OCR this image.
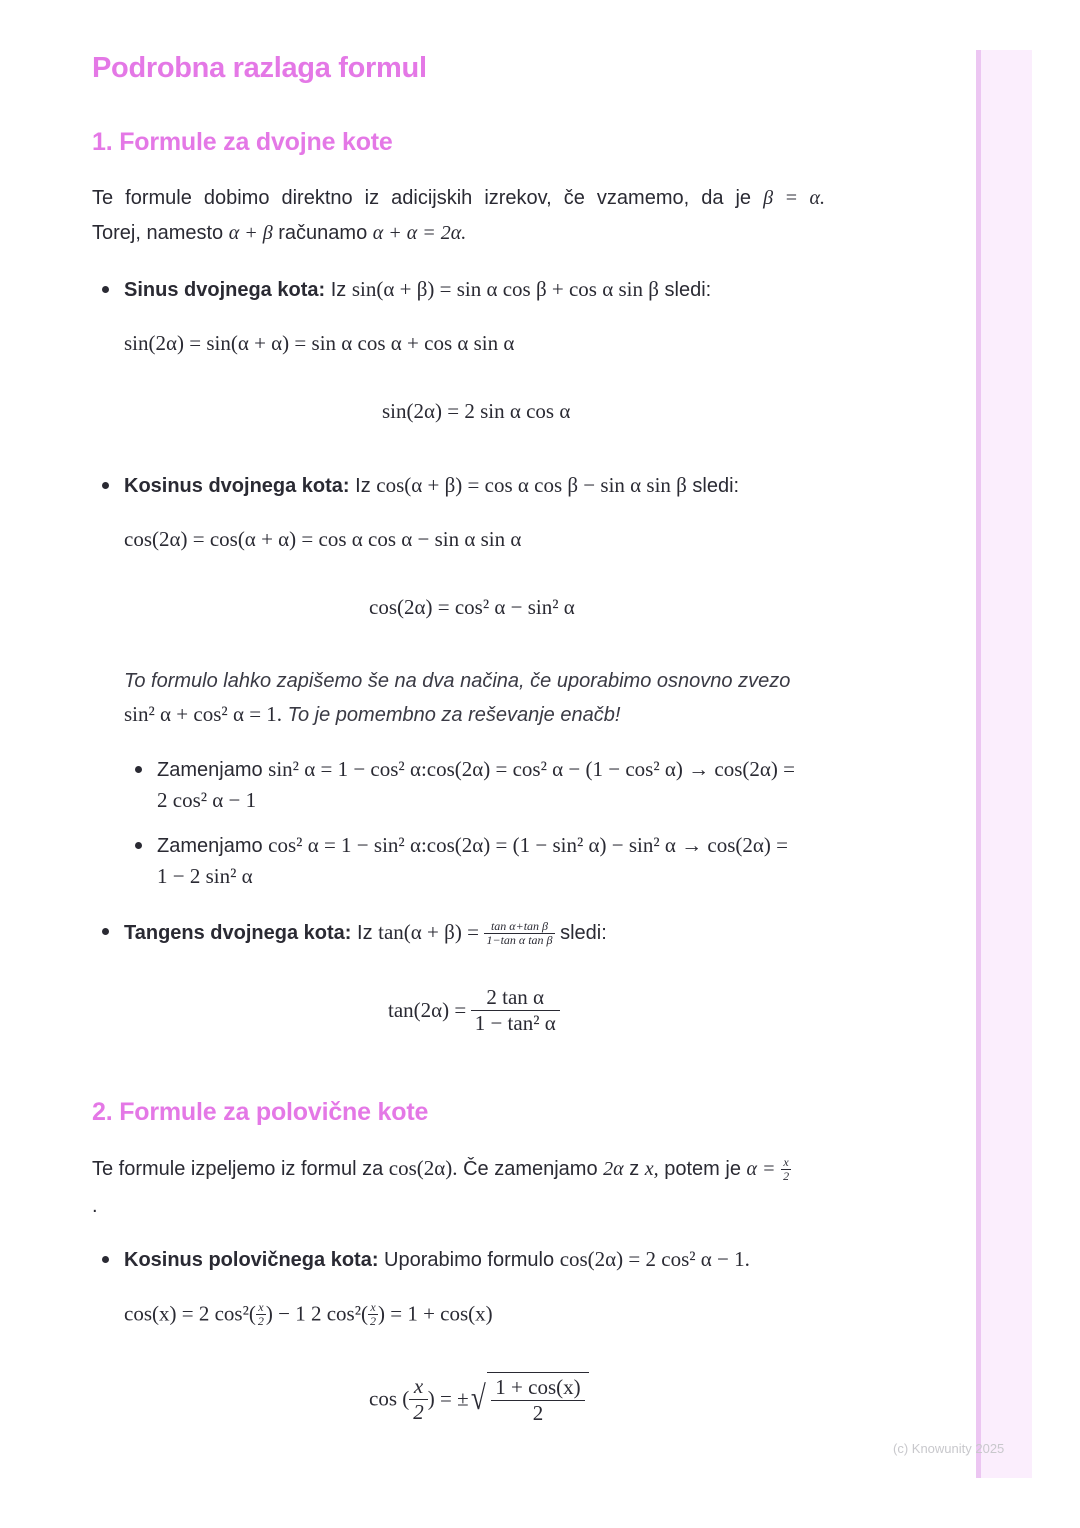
Podrobna razlaga formul
1. Formule za dvojne kote
Te formule dobimo direktno iz adicijskih izrekov, če vzamemo, da je β = α.
Torej, namesto α + β računamo α + α = 2α.
Sinus dvojnega kota: Iz sin(α + β) = sin α cos β + cos α sin β sledi:
sin(2α) = sin(α + α) = sin α cos α + cos α sin α
sin(2α) = 2 sin α cos α
Kosinus dvojnega kota: Iz cos(α + β) = cos α cos β − sin α sin β sledi:
cos(2α) = cos(α + α) = cos α cos α − sin α sin α
cos(2α) = cos² α − sin² α
To formulo lahko zapišemo še na dva načina, če uporabimo osnovno zvezo
sin² α + cos² α = 1. To je pomembno za reševanje enačb!
Zamenjamo sin² α = 1 − cos² α:cos(2α) = cos² α − (1 − cos² α) → cos(2α) =
2 cos² α − 1
Zamenjamo cos² α = 1 − sin² α:cos(2α) = (1 − sin² α) − sin² α → cos(2α) =
1 − 2 sin² α
Tangens dvojnega kota: Iz $\tan(\alpha + \beta) = \frac{\text{tan α+tan β}}{\text{1−tan α tan β}}$ sledi:
$\tan(2\alpha) = \frac{\text{2 tan α}}{\text{1 − tan² α}}$
2. Formule za polovične kote
Te formule izpeljemo iz formul za cos(2α). Če zamenjamo 2α z x, potem je $\alpha = \frac{x}{2}$
.
Kosinus polovičnega kota: Uporabimo formulo cos(2α) = 2 cos² α − 1.
cos(x) = 2 $\cos^2( \frac{x}{2}$ ) − 1 2 $\cos^2( \frac{x}{2}$ ) = 1 + cos(x)
cos ( $\frac{x}{2}$ ) = ±√ $\frac{1 + \cos(x)}{2}$
(c) Knowunity 2025
